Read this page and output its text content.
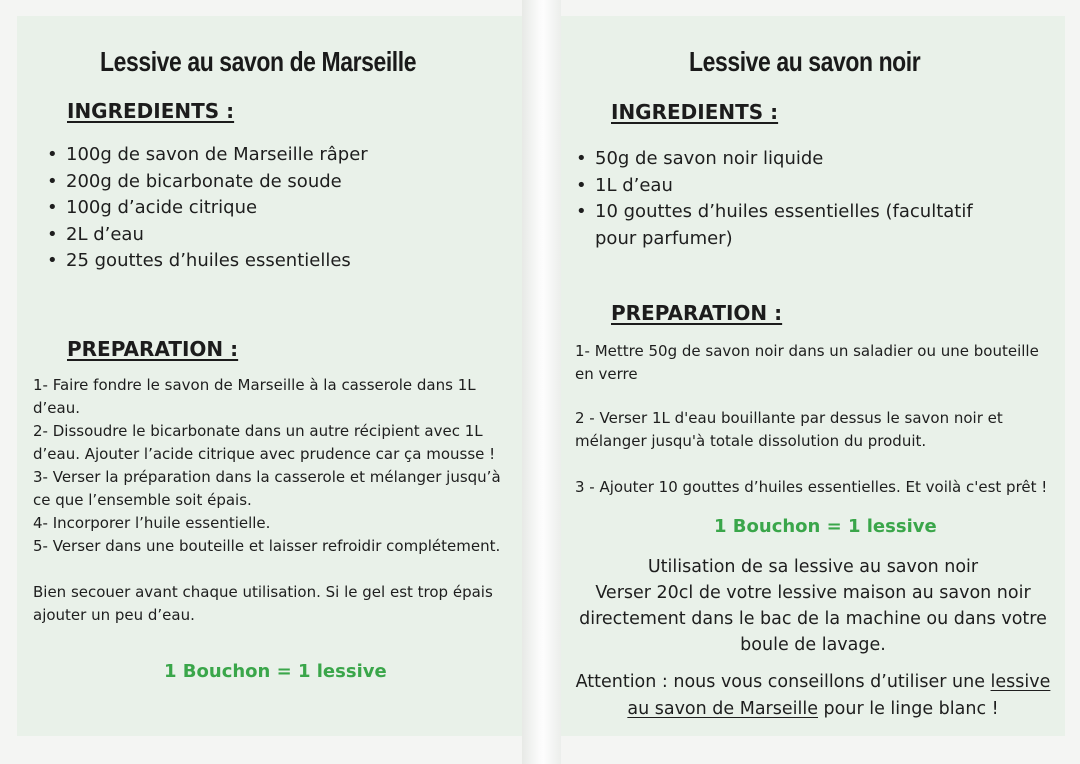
Lessive au savon de Marseille
INGREDIENTS :
• 100g de savon de Marseille râper
• 200g de bicarbonate de soude
• 100g d’acide citrique
• 2L d’eau
• 25 gouttes d’huiles essentielles
PREPARATION :

1- Faire fondre le savon de Marseille à la casserole dans 1L d’eau.

2- Dissoudre le bicarbonate dans un autre récipient avec 1L d’eau. Ajouter l’acide citrique avec prudence car ça mousse !

3- Verser la préparation dans la casserole et mélanger jusqu’à ce que l’ensemble soit épais.

4- Incorporer l’huile essentielle.

5- Verser dans une bouteille et laisser refroidir complétement.

Bien secouer avant chaque utilisation. Si le gel est trop épais ajouter un peu d’eau.

1 Bouchon = 1 lessive

Lessive au savon noir
INGREDIENTS :
• 50g de savon noir liquide
• 1L d’eau
• 10 gouttes d’huiles essentielles (facultatif pour parfumer)
PREPARATION :

1- Mettre 50g de savon noir dans un saladier ou une bouteille en verre

2 - Verser 1L d'eau bouillante par dessus le savon noir et mélanger jusqu'à totale dissolution du produit.

3 - Ajouter 10 gouttes d’huiles essentielles. Et voilà c'est prêt !

1 Bouchon = 1 lessive

Utilisation de sa lessive au savon noir

Verser 20cl de votre lessive maison au savon noir directement dans le bac de la machine ou dans votre boule de lavage.

Attention : nous vous conseillons d’utiliser une lessive au savon de Marseille pour le linge blanc !
